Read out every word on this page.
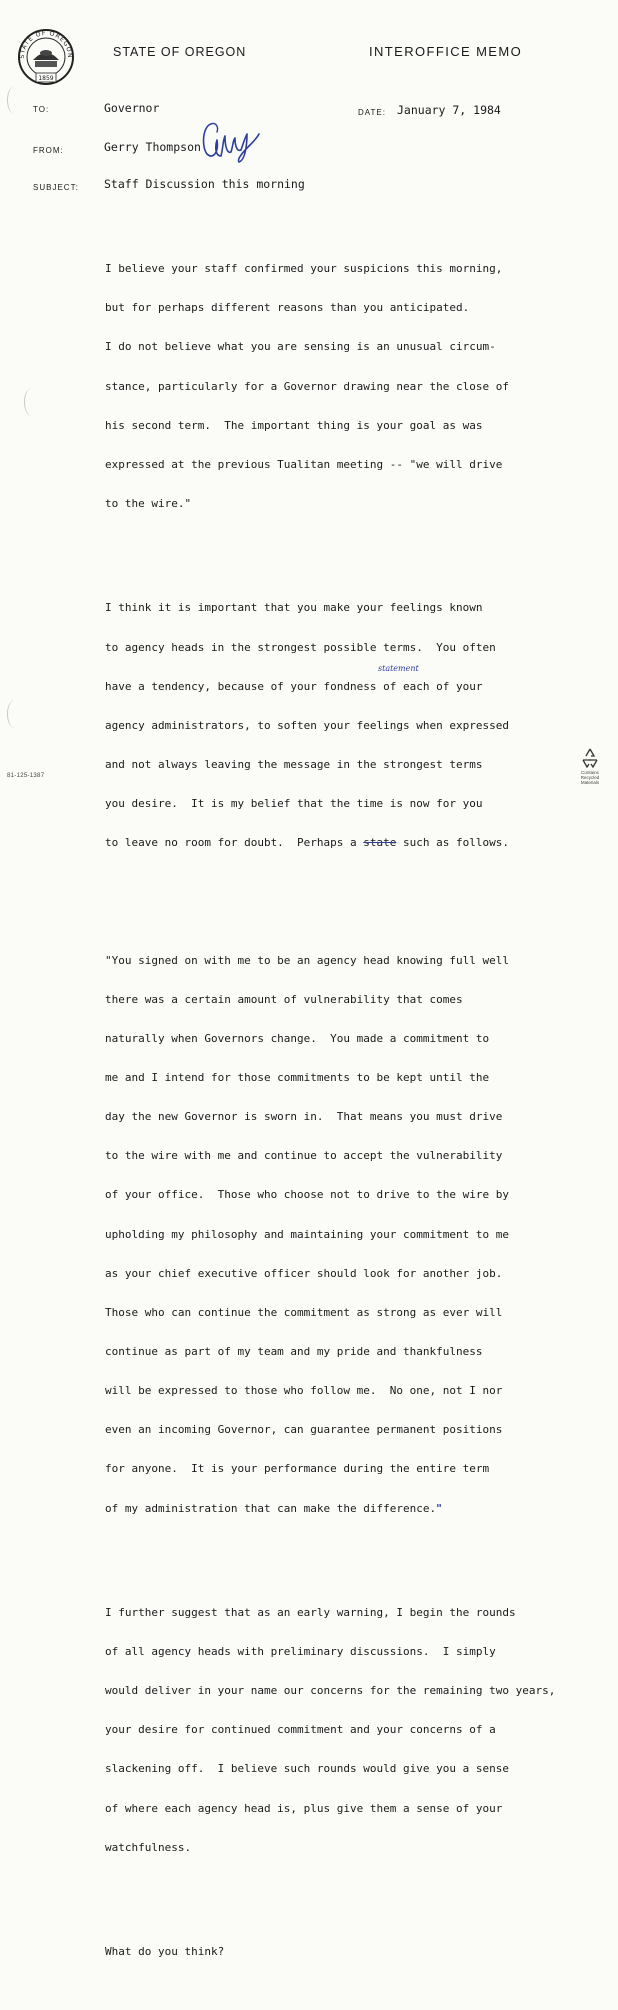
STATE OF OREGON
1859
STATE OF OREGON	INTEROFFICE MEMO
TO:	Governor	DATE: January 7, 1984
FROM:	Gerry Thompson
SUBJECT: Staff Discussion this morning

I believe your staff confirmed your suspicions this morning,

but for perhaps different reasons than you anticipated.

I do not believe what you are sensing is an unusual circum-

stance, particularly for a Governor drawing near the close of

his second term.  The important thing is your goal as was

expressed at the previous Tualitan meeting -- "we will drive

to the wire."

I think it is important that you make your feelings known

to agency heads in the strongest possible terms.  You often

have a tendency, because of your fondness of each of your

agency administrators, to soften your feelings when expressed

and not always leaving the message in the strongest terms

you desire.  It is my belief that the time is now for you

to leave no room for doubt.  Perhaps a state such as follows.

statement

"You signed on with me to be an agency head knowing full well

there was a certain amount of vulnerability that comes

naturally when Governors change.  You made a commitment to

me and I intend for those commitments to be kept until the

day the new Governor is sworn in.  That means you must drive

to the wire with me and continue to accept the vulnerability

of your office.  Those who choose not to drive to the wire by

upholding my philosophy and maintaining your commitment to me

as your chief executive officer should look for another job.

Those who can continue the commitment as strong as ever will

continue as part of my team and my pride and thankfulness

will be expressed to those who follow me.  No one, not I nor

even an incoming Governor, can guarantee permanent positions

for anyone.  It is your performance during the entire term

of my administration that can make the difference."

I further suggest that as an early warning, I begin the rounds

of all agency heads with preliminary discussions.  I simply

would deliver in your name our concerns for the remaining two years,

your desire for continued commitment and your concerns of a

slackening off.  I believe such rounds would give you a sense

of where each agency head is, plus give them a sense of your

watchfulness.

What do you think?

81-125-1387
Contains Recycled Materials
